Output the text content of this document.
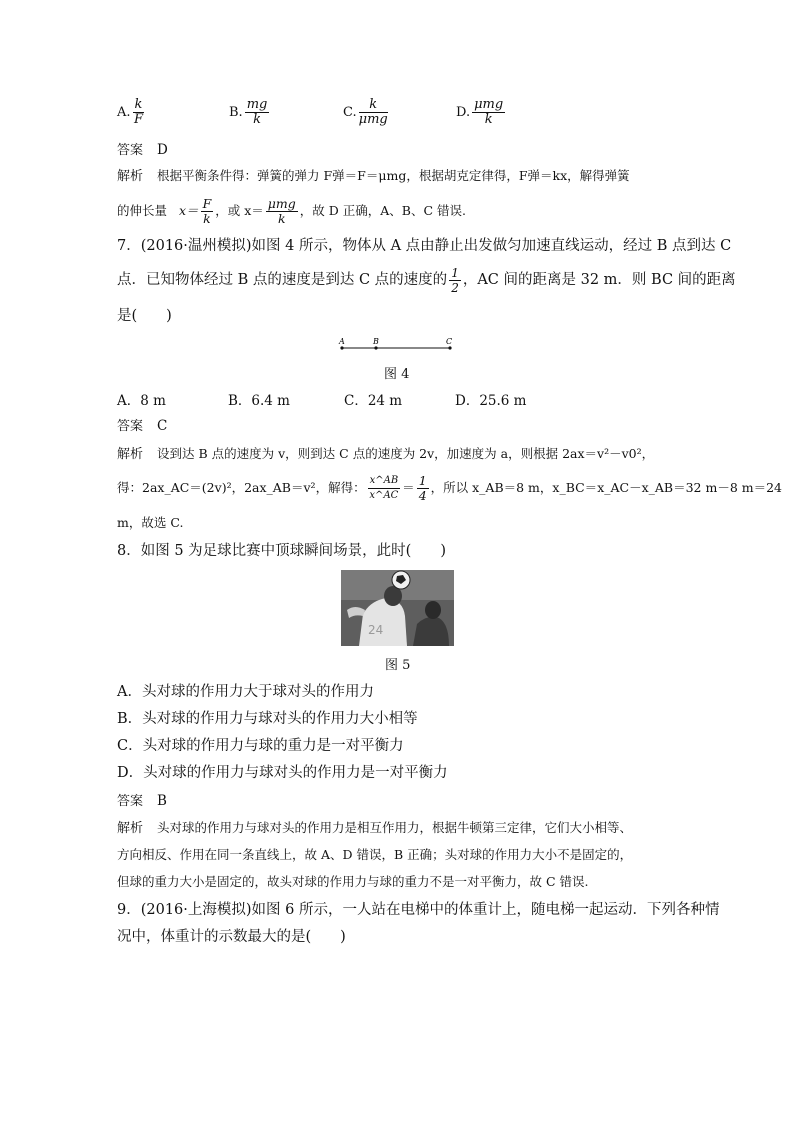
A. $\frac{k}{F}$	B. $\frac{mg}{k}$	C. $\frac{k}{\text{μmg}}$	D. $\frac{\text{μmg}}{k}$
答案 D
解析 根据平衡条件得：弹簧的弹力 F弹＝F＝μmg，根据胡克定律得，F弹＝kx，解得弹簧
的伸长量 $x= \frac{F}{k}$ ，或 $x= \frac{\text{μmg}}{k}$ ，故 D 正确，A、B、C 错误.
7．(2016·温州模拟)如图 4 所示，物体从 A 点由静止出发做匀加速直线运动，经过 B 点到达 C
点．已知物体经过 B 点的速度是到达 C 点的速度的 $\frac{1}{2}$ ，AC 间的距离是 32 m．则 BC 间的距离
是(　　)
A	B	C
图 4
A．8 m	B．6.4 m	C．24 m	D．25.6 m
答案 C
解析 设到达 B 点的速度为 v，则到达 C 点的速度为 2v，加速度为 a，则根据 2ax＝v²－v0²，
得：2ax_AC＝(2v)²，2ax_AB＝v²，解得： $\frac{x\^{}AB}{x\^{}AC} = \frac{1}{4}$ ，所以 x_AB＝8 m，x_BC＝x_AC－x_AB＝32 m－8 m＝24
m，故选 C.
8．如图 5 为足球比赛中顶球瞬间场景，此时(　　)
24
图 5
A．头对球的作用力大于球对头的作用力
B．头对球的作用力与球对头的作用力大小相等
C．头对球的作用力与球的重力是一对平衡力
D．头对球的作用力与球对头的作用力是一对平衡力
答案 B
解析 头对球的作用力与球对头的作用力是相互作用力，根据牛顿第三定律，它们大小相等、
方向相反、作用在同一条直线上，故 A、D 错误，B 正确；头对球的作用力大小不是固定的，
但球的重力大小是固定的，故头对球的作用力与球的重力不是一对平衡力，故 C 错误.
9．(2016·上海模拟)如图 6 所示，一人站在电梯中的体重计上，随电梯一起运动．下列各种情
况中，体重计的示数最大的是(　　)
